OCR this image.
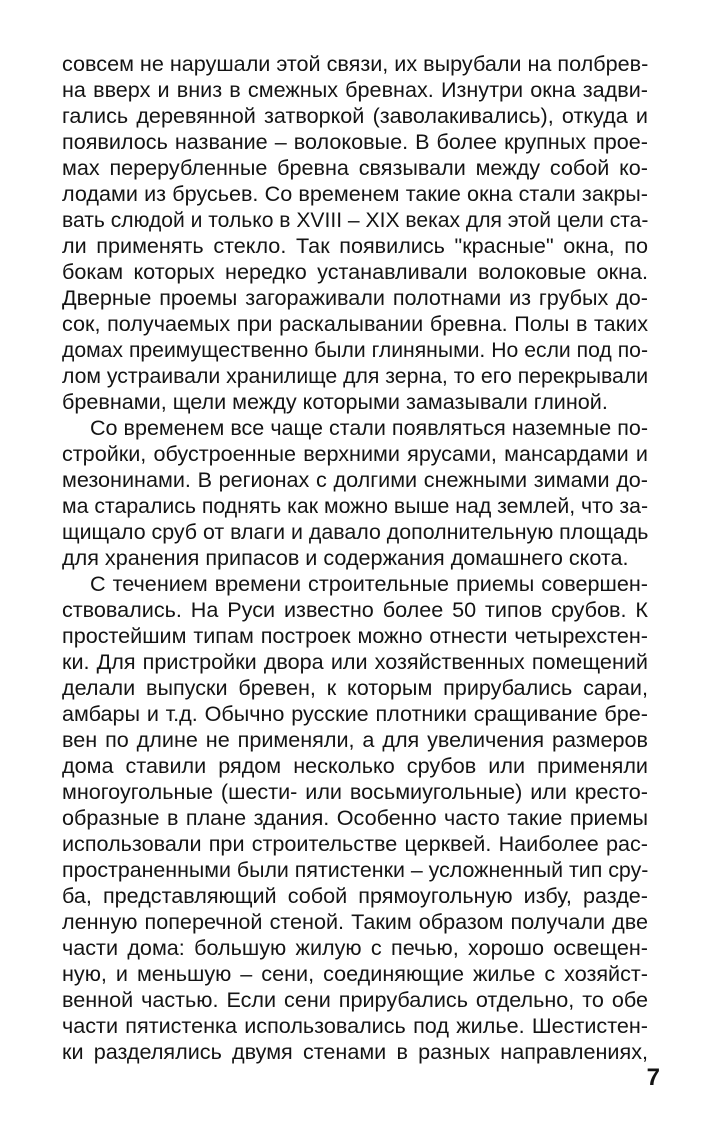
совсем не нарушали этой связи, их вырубали на полбрев-
на вверх и вниз в смежных бревнах. Изнутри окна задви-
гались деревянной затворкой (заволакивались), откуда и
появилось название – волоковые. В более крупных прое-
мах перерубленные бревна связывали между собой ко-
лодами из брусьев. Со временем такие окна стали закры-
вать слюдой и только в XVIII – XIX веках для этой цели ста-
ли применять стекло. Так появились "красные" окна, по
бокам которых нередко устанавливали волоковые окна.
Дверные проемы загораживали полотнами из грубых до-
сок, получаемых при раскалывании бревна. Полы в таких
домах преимущественно были глиняными. Но если под по-
лом устраивали хранилище для зерна, то его перекрывали
бревнами, щели между которыми замазывали глиной.
Со временем все чаще стали появляться наземные по-
стройки, обустроенные верхними ярусами, мансардами и
мезонинами. В регионах с долгими снежными зимами до-
ма старались поднять как можно выше над землей, что за-
щищало сруб от влаги и давало дополнительную площадь
для хранения припасов и содержания домашнего скота.
С течением времени строительные приемы совершен-
ствовались. На Руси известно более 50 типов срубов. К
простейшим типам построек можно отнести четырехстен-
ки. Для пристройки двора или хозяйственных помещений
делали выпуски бревен, к которым прирубались сараи,
амбары и т.д. Обычно русские плотники сращивание бре-
вен по длине не применяли, а для увеличения размеров
дома ставили рядом несколько срубов или применяли
многоугольные (шести- или восьмиугольные) или кресто-
образные в плане здания. Особенно часто такие приемы
использовали при строительстве церквей. Наиболее рас-
пространенными были пятистенки – усложненный тип сру-
ба, представляющий собой прямоугольную избу, разде-
ленную поперечной стеной. Таким образом получали две
части дома: большую жилую с печью, хорошо освещен-
ную, и меньшую – сени, соединяющие жилье с хозяйст-
венной частью. Если сени прирубались отдельно, то обе
части пятистенка использовались под жилье. Шестистен-
ки разделялись двумя стенами в разных направлениях,
7
